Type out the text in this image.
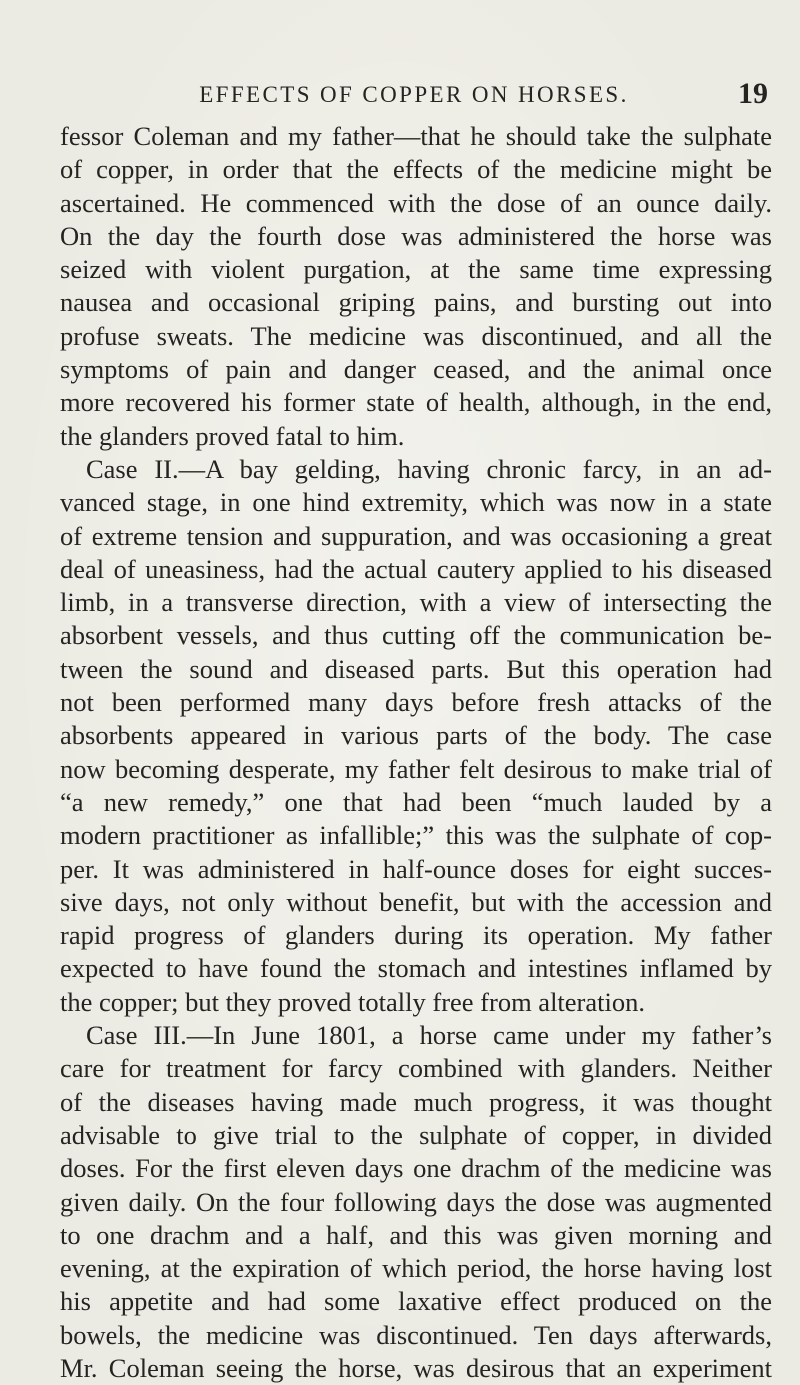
EFFECTS OF COPPER ON HORSES.	19
fessor Coleman and my father—that he should take the sulphate
of copper, in order that the effects of the medicine might be
ascertained. He commenced with the dose of an ounce daily.
On the day the fourth dose was administered the horse was
seized with violent purgation, at the same time expressing
nausea and occasional griping pains, and bursting out into
profuse sweats. The medicine was discontinued, and all the
symptoms of pain and danger ceased, and the animal once
more recovered his former state of health, although, in the end,
the glanders proved fatal to him.
Case II.—A bay gelding, having chronic farcy, in an ad-
vanced stage, in one hind extremity, which was now in a state
of extreme tension and suppuration, and was occasioning a great
deal of uneasiness, had the actual cautery applied to his diseased
limb, in a transverse direction, with a view of intersecting the
absorbent vessels, and thus cutting off the communication be-
tween the sound and diseased parts. But this operation had
not been performed many days before fresh attacks of the
absorbents appeared in various parts of the body. The case
now becoming desperate, my father felt desirous to make trial of
“a new remedy,” one that had been “much lauded by a
modern practitioner as infallible;” this was the sulphate of cop-
per. It was administered in half-ounce doses for eight succes-
sive days, not only without benefit, but with the accession and
rapid progress of glanders during its operation. My father
expected to have found the stomach and intestines inflamed by
the copper; but they proved totally free from alteration.
Case III.—In June 1801, a horse came under my father’s
care for treatment for farcy combined with glanders. Neither
of the diseases having made much progress, it was thought
advisable to give trial to the sulphate of copper, in divided
doses. For the first eleven days one drachm of the medicine was
given daily. On the four following days the dose was augmented
to one drachm and a half, and this was given morning and
evening, at the expiration of which period, the horse having lost
his appetite and had some laxative effect produced on the
bowels, the medicine was discontinued. Ten days afterwards,
Mr. Coleman seeing the horse, was desirous that an experiment
